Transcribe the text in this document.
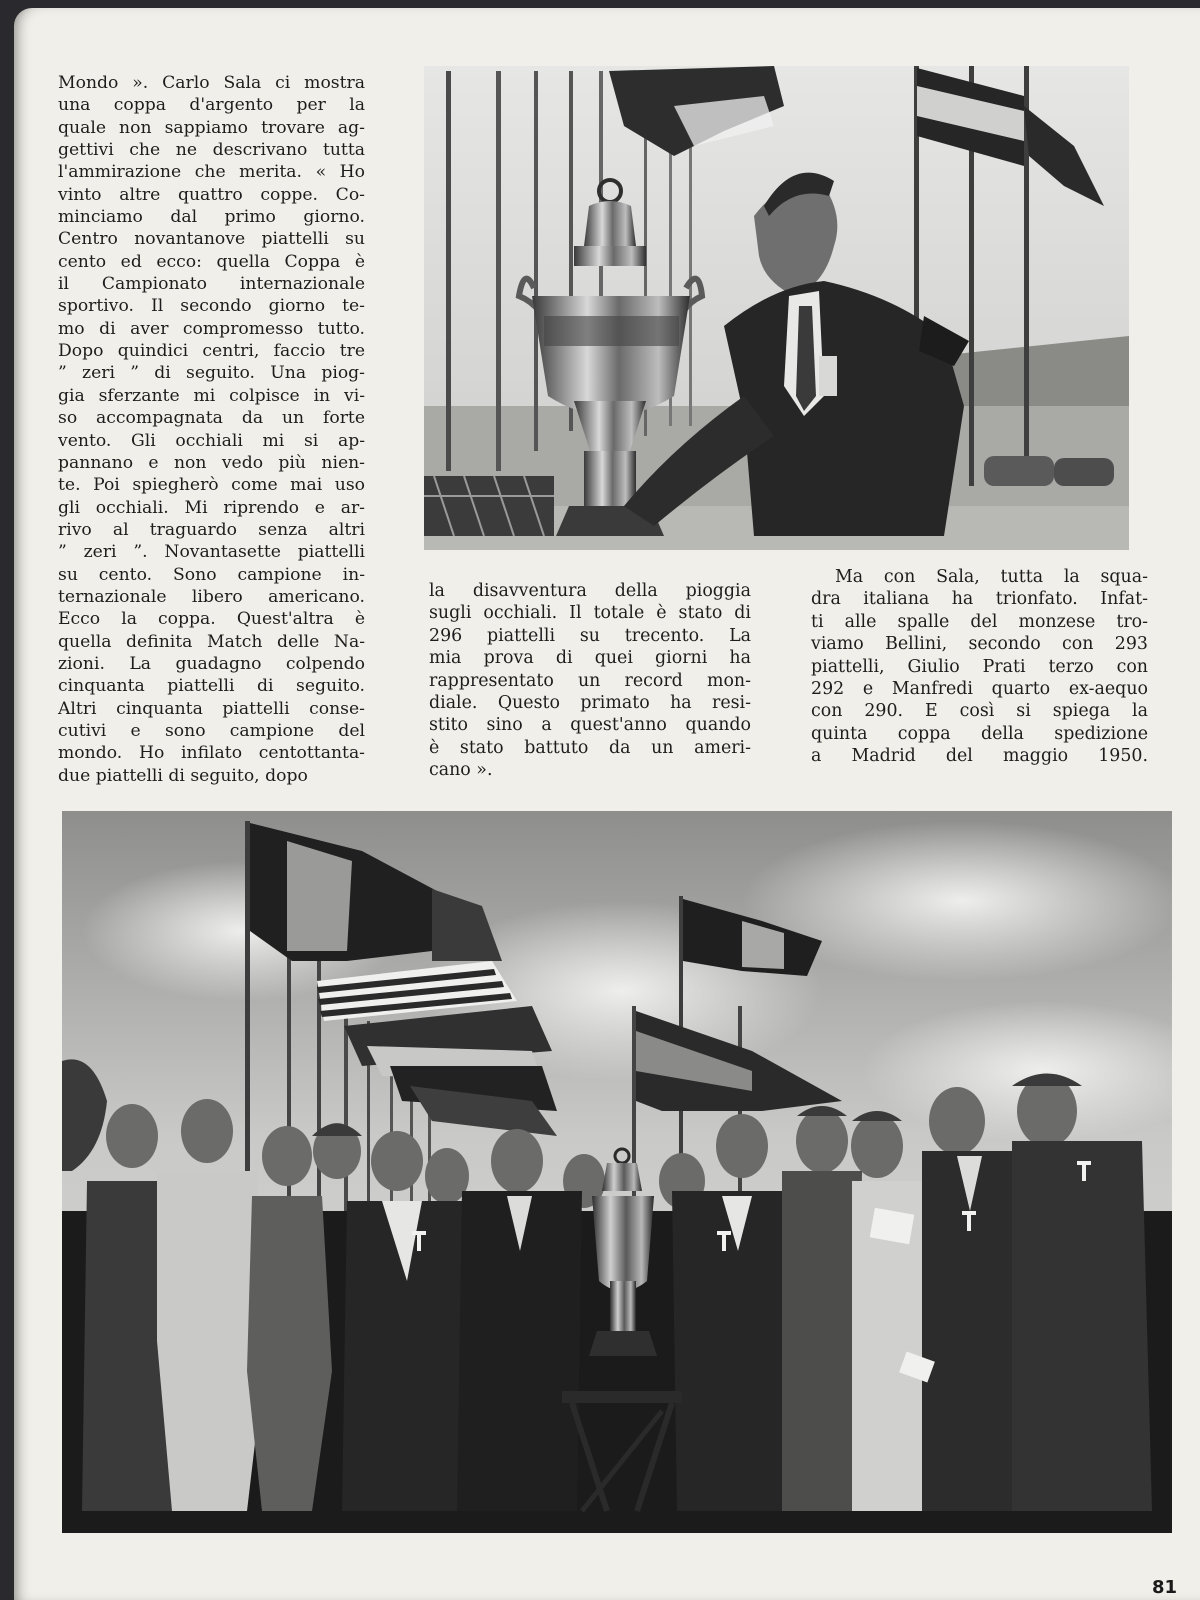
Mondo ». Carlo Sala ci mostra
una coppa d'argento per la
quale non sappiamo trovare ag-
gettivi che ne descrivano tutta
l'ammirazione che merita. « Ho
vinto altre quattro coppe. Co-
minciamo dal primo giorno.
Centro novantanove piattelli su
cento ed ecco: quella Coppa è
il Campionato internazionale
sportivo. Il secondo giorno te-
mo di aver compromesso tutto.
Dopo quindici centri, faccio tre
” zeri ” di seguito. Una piog-
gia sferzante mi colpisce in vi-
so accompagnata da un forte
vento. Gli occhiali mi si ap-
pannano e non vedo più nien-
te. Poi spiegherò come mai uso
gli occhiali. Mi riprendo e ar-
rivo al traguardo senza altri
” zeri ”. Novantasette piattelli
su cento. Sono campione in-
ternazionale libero americano.
Ecco la coppa. Quest'altra è
quella definita Match delle Na-
zioni. La guadagno colpendo
cinquanta piattelli di seguito.
Altri cinquanta piattelli conse-
cutivi e sono campione del
mondo. Ho infilato centottanta-
due piattelli di seguito, dopo
la disavventura della pioggia
sugli occhiali. Il totale è stato di
296 piattelli su trecento. La
mia prova di quei giorni ha
rappresentato un record mon-
diale. Questo primato ha resi-
stito sino a quest'anno quando
è stato battuto da un ameri-
cano ».
Ma con Sala, tutta la squa-
dra italiana ha trionfato. Infat-
ti alle spalle del monzese tro-
viamo Bellini, secondo con 293
piattelli, Giulio Prati terzo con
292 e Manfredi quarto ex-aequo
con 290. E così si spiega la
quinta coppa della spedizione
a Madrid del maggio 1950.
81
